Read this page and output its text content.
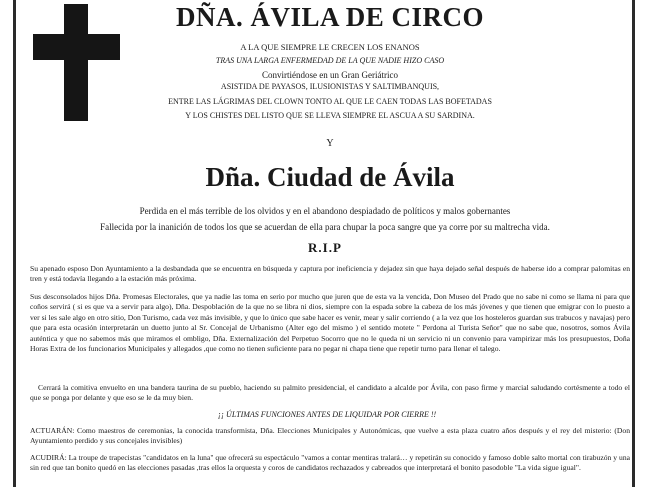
DÑA. ÁVILA DE CIRCO
A LA QUE SIEMPRE LE CRECEN LOS ENANOS
TRAS UNA LARGA ENFERMEDAD DE LA QUE NADIE HIZO CASO
Convirtiéndose en un Gran Geriátrico
ASISTIDA DE PAYASOS, ILUSIONISTAS Y SALTIMBANQUIS,
ENTRE LAS LÁGRIMAS DEL CLOWN TONTO AL QUE LE CAEN TODAS LAS BOFETADAS
Y LOS CHISTES DEL LISTO QUE SE LLEVA SIEMPRE EL ASCUA A SU SARDINA.
Y
Dña. Ciudad de Ávila
Perdida en el más terrible de los olvidos y en el abandono despiadado de políticos y malos gobernantes
Fallecida por la inanición de todos los que se acuerdan de ella para chupar la poca sangre que ya corre por su maltrecha vida.
R.I.P
Su apenado esposo Don Ayuntamiento a la desbandada que se encuentra en búsqueda y captura por ineficiencia y dejadez sin que haya dejado señal después de haberse ido a comprar palomitas en tren y está todavía llegando a la estación más próxima.
Sus desconsolados hijos Dña. Promesas Electorales, que ya nadie las toma en serio por mucho que juren que de esta va la vencida, Don Museo del Prado que no sabe ni como se llama ni para que coños servirá ( si es que va a servir para algo), Dña. Despoblación de la que no se libra ni dios, siempre con la espada sobre la cabeza de los más jóvenes y que tienen que emigrar con lo puesto a ver si les sale algo en otro sitio, Don Turismo, cada vez más invisible, y que lo único que sabe hacer es venir, mear y salir corriendo ( a la vez que los hosteleros guardan sus trabucos y navajas) pero que para esta ocasión interpretarán un duetto junto al Sr. Concejal de Urbanismo (Alter ego del mismo ) el sentido motete " Perdona al Turista Señor" que no sabe que, nosotros, somos Ávila auténtica y que no sabemos más que miramos el ombligo, Dña. Externalización del Perpetuo Socorro que no le queda ni un servicio ni un convenio para vampirizar más los presupuestos, Doña Horas Extra de los funcionarios Municipales y allegados ,que como no tienen suficiente para no pegar ni chapa tiene que repetir turno para llenar el talego.
Cerrará la comitiva envuelto en una bandera taurina de su pueblo, haciendo su palmito presidencial, el candidato a alcalde por Ávila, con paso firme y marcial saludando cortésmente a todo el que se ponga por delante y que eso se le da muy bien.
¡¡ ÚLTIMAS FUNCIONES ANTES DE LIQUIDAR POR CIERRE !!
ACTUARÁN: Como maestros de ceremonias, la conocida transformista, Dña. Elecciones Municipales y Autonómicas, que vuelve a esta plaza cuatro años después y el rey del misterio: (Don Ayuntamiento perdido y sus concejales invisibles)
ACUDIRÁ: La troupe de trapecistas "candidatos en la luna" que ofrecerá su espectáculo "vamos a contar mentiras tralará… y repetirán su conocido y famoso doble salto mortal con tirabuzón y una sin red que tan bonito quedó en las elecciones pasadas ,tras ellos la orquesta y coros de candidatos rechazados y cabreados que interpretará el bonito pasodoble "La vida sigue igual".
